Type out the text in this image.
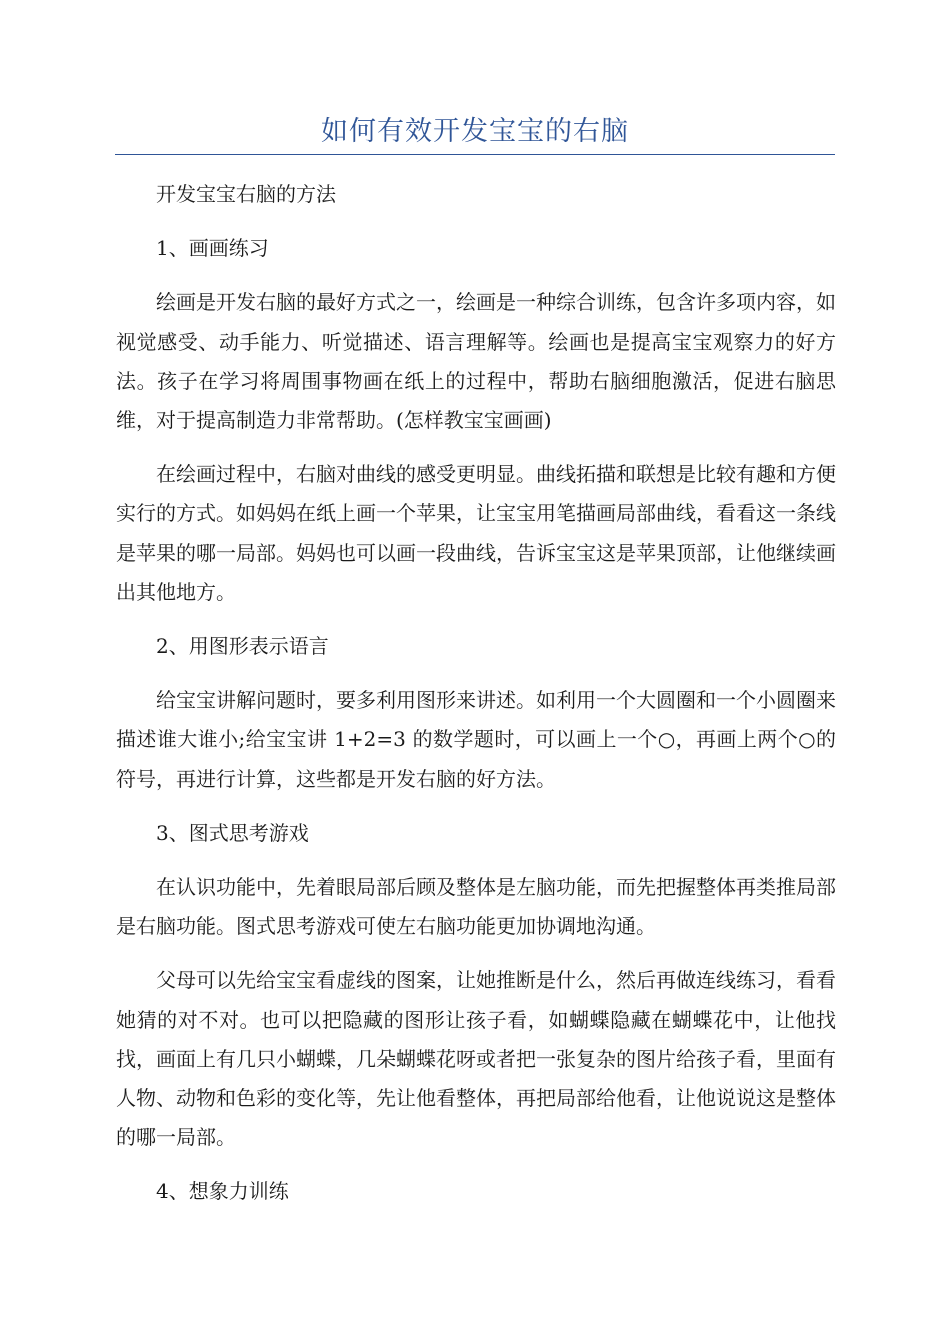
如何有效开发宝宝的右脑

开发宝宝右脑的方法

1、画画练习

绘画是开发右脑的最好方式之一，绘画是一种综合训练，包含许多项内容，如视觉感受、动手能力、听觉描述、语言理解等。绘画也是提高宝宝观察力的好方法。孩子在学习将周围事物画在纸上的过程中，帮助右脑细胞激活，促进右脑思维，对于提高制造力非常帮助。(怎样教宝宝画画)

在绘画过程中，右脑对曲线的感受更明显。曲线拓描和联想是比较有趣和方便实行的方式。如妈妈在纸上画一个苹果，让宝宝用笔描画局部曲线，看看这一条线是苹果的哪一局部。妈妈也可以画一段曲线，告诉宝宝这是苹果顶部，让他继续画出其他地方。

2、用图形表示语言

给宝宝讲解问题时，要多利用图形来讲述。如利用一个大圆圈和一个小圆圈来描述谁大谁小;给宝宝讲 1+2=3 的数学题时，可以画上一个○，再画上两个○的符号，再进行计算，这些都是开发右脑的好方法。

3、图式思考游戏

在认识功能中，先着眼局部后顾及整体是左脑功能，而先把握整体再类推局部是右脑功能。图式思考游戏可使左右脑功能更加协调地沟通。

父母可以先给宝宝看虚线的图案，让她推断是什么，然后再做连线练习，看看她猜的对不对。也可以把隐藏的图形让孩子看，如蝴蝶隐藏在蝴蝶花中，让他找找，画面上有几只小蝴蝶，几朵蝴蝶花呀或者把一张复杂的图片给孩子看，里面有人物、动物和色彩的变化等，先让他看整体，再把局部给他看，让他说说这是整体的哪一局部。

4、想象力训练
